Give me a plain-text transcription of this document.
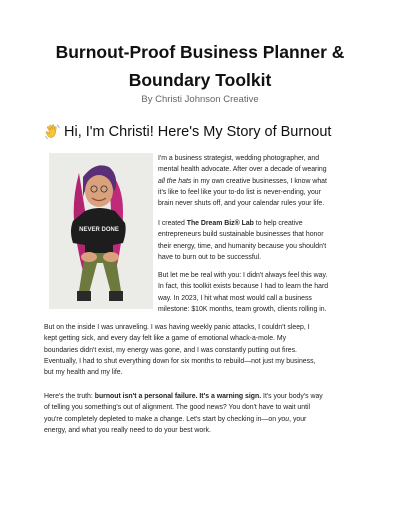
Burnout-Proof Business Planner &
Boundary Toolkit
By Christi Johnson Creative
Hi, I'm Christi! Here's My Story of Burnout
NEVER DONE
I'm a business strategist, wedding photographer, and
mental health advocate. After over a decade of wearing
all the hats in my own creative businesses, I know what
it's like to feel like your to-do list is never-ending, your
brain never shuts off, and your calendar rules your life.
I created The Dream Biz® Lab to help creative
entrepreneurs build sustainable businesses that honor
their energy, time, and humanity because you shouldn't
have to burn out to be successful.
But let me be real with you: I didn't always feel this way.
In fact, this toolkit exists because I had to learn the hard
way. In 2023, I hit what most would call a business
milestone: $10K months, team growth, clients rolling in.
But on the inside I was unraveling. I was having weekly panic attacks, I couldn't sleep, I
kept getting sick, and every day felt like a game of emotional whack-a-mole. My
boundaries didn't exist, my energy was gone, and I was constantly putting out fires.
Eventually, I had to shut everything down for six months to rebuild—not just my business,
but my health and my life.
Here's the truth: burnout isn't a personal failure. It's a warning sign. It's your body's way
of telling you something's out of alignment. The good news? You don't have to wait until
you're completely depleted to make a change. Let's start by checking in—on you, your
energy, and what you really need to do your best work.
